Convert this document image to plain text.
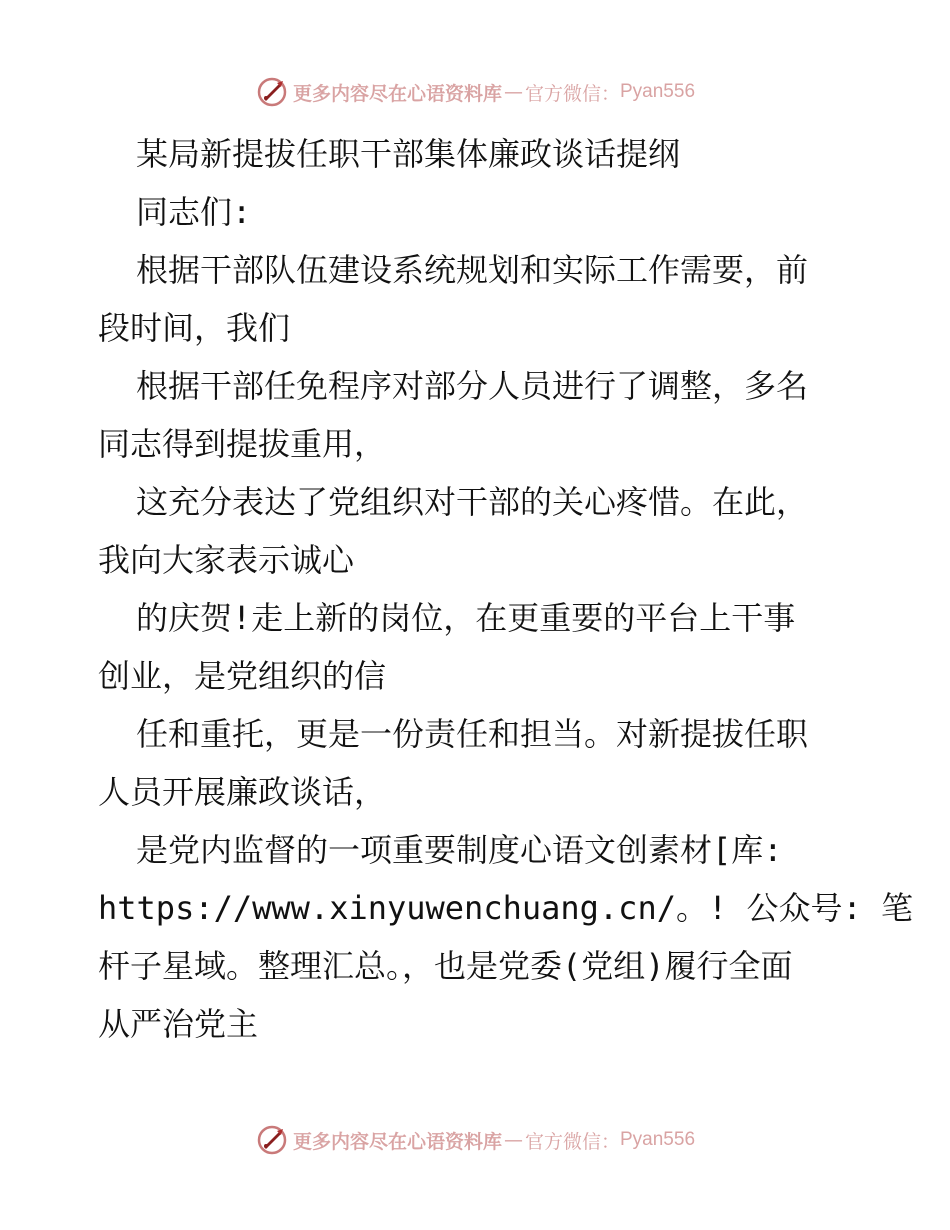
更多内容尽在心语资料库 — 官方微信： Pyan556
某局新提拔任职干部集体廉政谈话提纲
同志们:
根据干部队伍建设系统规划和实际工作需要，前
段时间，我们
根据干部任免程序对部分人员进行了调整，多名
同志得到提拔重用，
这充分表达了党组织对干部的关心疼惜。在此，
我向大家表示诚心
的庆贺!走上新的岗位，在更重要的平台上干事
创业，是党组织的信
任和重托，更是一份责任和担当。对新提拔任职
人员开展廉政谈话，
是党内监督的一项重要制度心语文创素材[库:
https://www.xinyuwenchuang.cn/。! 公众号: 笔
杆子星域。整理汇总。，也是党委(党组)履行全面
从严治党主
更多内容尽在心语资料库 — 官方微信： Pyan556
